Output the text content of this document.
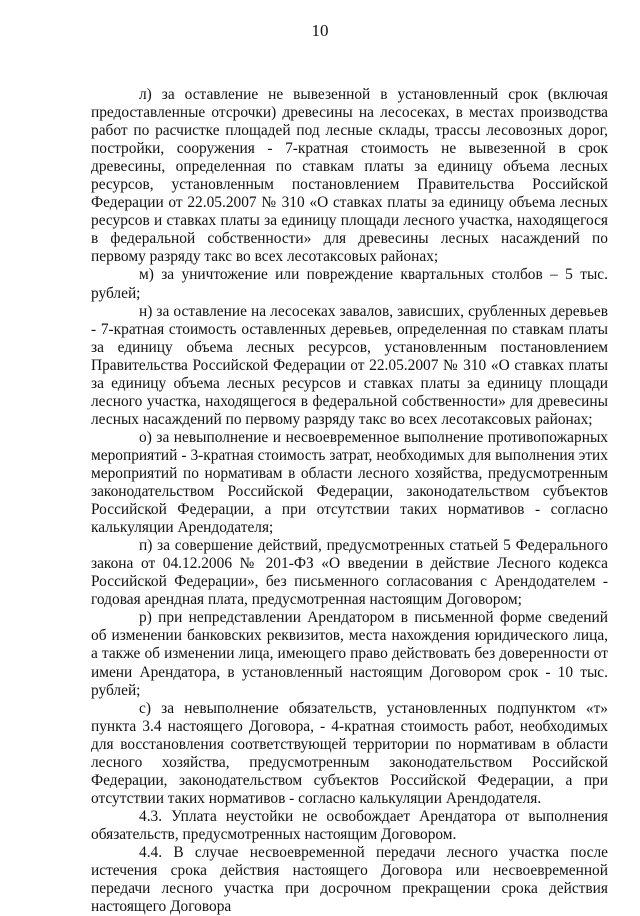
10

л) за оставление не вывезенной в установленный срок (включая предоставленные отсрочки) древесины на лесосеках, в местах производства работ по расчистке площадей под лесные склады, трассы лесовозных дорог, постройки, сооружения - 7-кратная стоимость не вывезенной в срок древесины, определенная по ставкам платы за единицу объема лесных ресурсов, установленным постановлением Правительства Российской Федерации от 22.05.2007 № 310 «О ставках платы за единицу объема лесных ресурсов и ставках платы за единицу площади лесного участка, находящегося в федеральной собственности» для древесины лесных насаждений по первому разряду такс во всех лесотаксовых районах;

м) за уничтожение или повреждение квартальных столбов – 5 тыс. рублей;

н) за оставление на лесосеках завалов, зависших, срубленных деревьев - 7-кратная стоимость оставленных деревьев, определенная по ставкам платы за единицу объема лесных ресурсов, установленным постановлением Правительства Российской Федерации от 22.05.2007 № 310 «О ставках платы за единицу объема лесных ресурсов и ставках платы за единицу площади лесного участка, находящегося в федеральной собственности» для древесины лесных насаждений по первому разряду такс во всех лесотаксовых районах;

о) за невыполнение и несвоевременное выполнение противопожарных мероприятий - 3-кратная стоимость затрат, необходимых для выполнения этих мероприятий по нормативам в области лесного хозяйства, предусмотренным законодательством Российской Федерации, законодательством субъектов Российской Федерации, а при отсутствии таких нормативов - согласно калькуляции Арендодателя;

п) за совершение действий, предусмотренных статьей 5 Федерального закона от 04.12.2006 № 201-ФЗ «О введении в действие Лесного кодекса Российской Федерации», без письменного согласования с Арендодателем - годовая арендная плата, предусмотренная настоящим Договором;

р) при непредставлении Арендатором в письменной форме сведений об изменении банковских реквизитов, места нахождения юридического лица, а также об изменении лица, имеющего право действовать без доверенности от имени Арендатора, в установленный настоящим Договором срок - 10 тыс. рублей;

с) за невыполнение обязательств, установленных подпунктом «т» пункта 3.4 настоящего Договора, - 4-кратная стоимость работ, необходимых для восстановления соответствующей территории по нормативам в области лесного хозяйства, предусмотренным законодательством Российской Федерации, законодательством субъектов Российской Федерации, а при отсутствии таких нормативов - согласно калькуляции Арендодателя.

4.3. Уплата неустойки не освобождает Арендатора от выполнения обязательств, предусмотренных настоящим Договором.

4.4. В случае несвоевременной передачи лесного участка после истечения срока действия настоящего Договора или несвоевременной передачи лесного участка при досрочном прекращении срока действия настоящего Договора
